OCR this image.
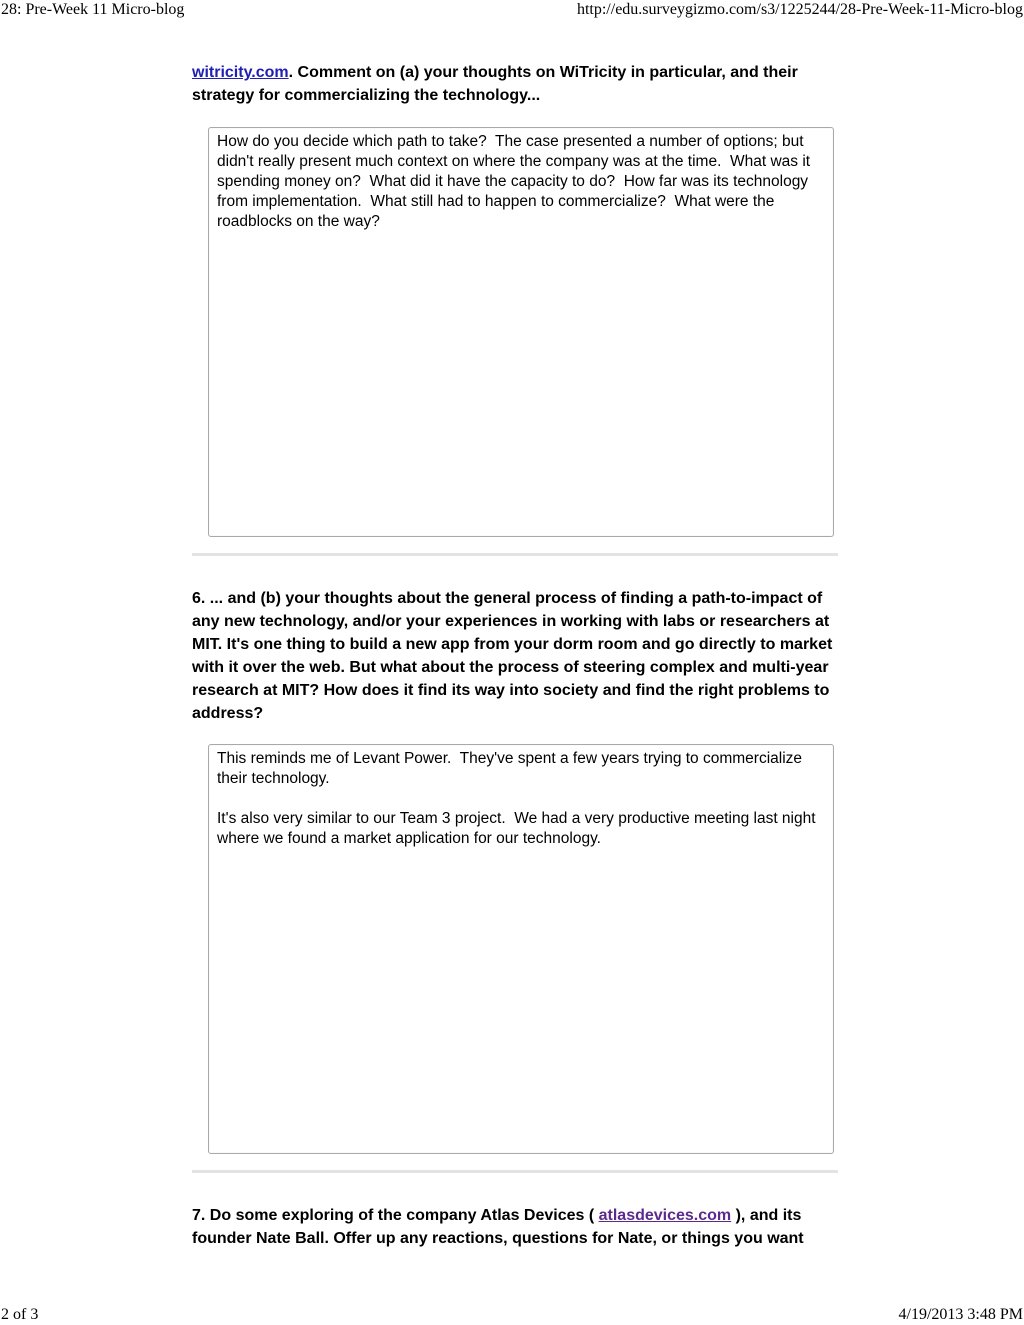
28: Pre-Week 11 Micro-blog	http://edu.surveygizmo.com/s3/1225244/28-Pre-Week-11-Micro-blog

witricity.com. Comment on (a) your thoughts on WiTricity in particular, and their
strategy for commercializing the technology...

How do you decide which path to take?  The case presented a number of options; but didn't really present much context on where the company was at the time.  What was it spending money on?  What did it have the capacity to do?  How far was its technology from implementation.  What still had to happen to commercialize?  What were the roadblocks on the way?

6. ... and (b) your thoughts about the general process of finding a path-to-impact of any new technology, and/or your experiences in working with labs or researchers at MIT. It's one thing to build a new app from your dorm room and go directly to market with it over the web. But what about the process of steering complex and multi-year research at MIT? How does it find its way into society and find the right problems to address?

This reminds me of Levant Power.  They've spent a few years trying to commercialize their technology.

It's also very similar to our Team 3 project.  We had a very productive meeting last night where we found a market application for our technology.

7. Do some exploring of the company Atlas Devices ( atlasdevices.com ), and its founder Nate Ball. Offer up any reactions, questions for Nate, or things you want

2 of 3	4/19/2013 3:48 PM
